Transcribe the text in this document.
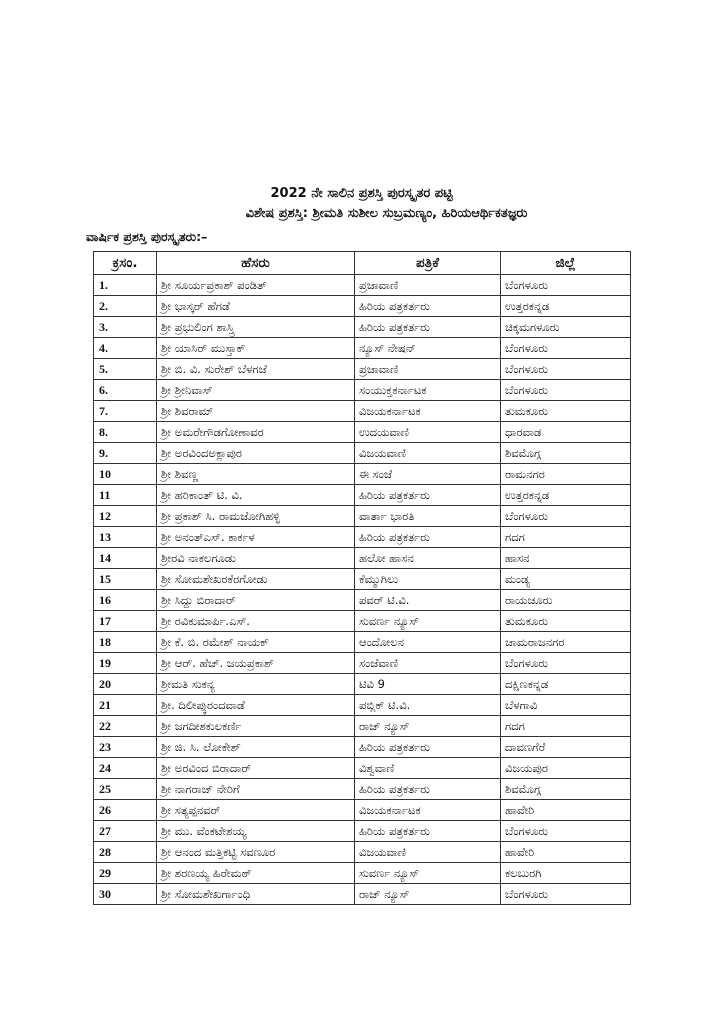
2022 ನೇ ಸಾಲಿನ ಪ್ರಶಸ್ತಿ ಪುರಸ್ಕೃತರ ಪಟ್ಟಿ
ವಿಶೇಷ ಪ್ರಶಸ್ತಿ: ಶ್ರೀಮತಿ ಸುಶೀಲ ಸುಬ್ರಮಣ್ಯಂ, ಹಿರಿಯಆರ್ಥಿಕತಜ್ಞರು
ವಾರ್ಷಿಕ ಪ್ರಶಸ್ತಿ ಪುರಸ್ಕೃತರು:–
ಕ್ರಸಂ.	ಹೆಸರು	ಪತ್ರಿಕೆ	ಜಿಲ್ಲೆ
1.	ಶ್ರೀ ಸೂರ್ಯಪ್ರಕಾಶ್ ಪಂಡಿತ್	ಪ್ರಜಾವಾಣಿ	ಬೆಂಗಳೂರು
2.	ಶ್ರೀ ಭಾಸ್ಕರ್ ಹೆಗಡೆ	ಹಿರಿಯ ಪತ್ರಕರ್ತರು	ಉತ್ತರಕನ್ನಡ
3.	ಶ್ರೀ ಪ್ರಭುಲಿಂಗ ಶಾಸ್ತ್ರಿ	ಹಿರಿಯ ಪತ್ರಕರ್ತರು	ಚಿಕ್ಕಮಗಳೂರು
4.	ಶ್ರೀ ಯಾಸಿರ್ ಮುಸ್ತಾಕ್	ನ್ಯೂಸ್ ನೇಷನ್	ಬೆಂಗಳೂರು
5.	ಶ್ರೀ ಬಿ. ವಿ. ಸುರೇಶ್ ಬೆಳಗಜೆ	ಪ್ರಜಾವಾಣಿ	ಬೆಂಗಳೂರು
6.	ಶ್ರೀ ಶ್ರೀನಿವಾಸ್	ಸಂಯುಕ್ತಕರ್ನಾಟಕ	ಬೆಂಗಳೂರು
7.	ಶ್ರೀ ಶಿವರಾಮ್	ವಿಜಯಕರ್ನಾಟಕ	ತುಮಕೂರು
8.	ಶ್ರೀ ಅಮರೇಗೌಡಗೋಣಾವರ	ಉದಯವಾಣಿ	ಧಾರವಾಡ
9.	ಶ್ರೀ ಅರವಿಂದಅಕ್ಲಾಪುರ	ವಿಜಯವಾಣಿ	ಶಿವಮೊಗ್ಗ
10	ಶ್ರೀ ಶಿವಣ್ಣ	ಈ ಸಂಜೆ	ರಾಮನಗರ
11	ಶ್ರೀ ಹರಿಕಾಂತ್ ಟಿ. ವಿ.	ಹಿರಿಯ ಪತ್ರಕರ್ತರು	ಉತ್ತರಕನ್ನಡ
12	ಶ್ರೀ ಪ್ರಕಾಶ್ ಸಿ. ರಾಮಜೋಗಿಹಳ್ಳಿ	ವಾರ್ತಾ ಭಾರತಿ	ಬೆಂಗಳೂರು
13	ಶ್ರೀ ಅನಂತ್ಎಸ್. ಕಾರ್ಕಳ	ಹಿರಿಯ ಪತ್ರಕರ್ತರು	ಗದಗ
14	ಶ್ರೀರವಿ ನಾಕಲಗೂಡು	ಹಲೋ ಹಾಸನ	ಹಾಸನ
15	ಶ್ರೀ ಸೋಮಶೇಖರಕೆರಗೋಡು	ಕೆಮ್ಮುಗಿಲು	ಮಂಡ್ಯ
16	ಶ್ರೀ ಸಿದ್ದು ಬಿರಾದಾರ್	ಪವರ್ ಟಿ.ವಿ.	ರಾಯಚೂರು
17	ಶ್ರೀ ರವಿಕುಮಾರ್ಪಿ.ಎಸ್.	ಸುವರ್ಣ ನ್ಯೂಸ್	ತುಮಕೂರು
18	ಶ್ರೀ ಕೆ. ಬಿ. ರಮೇಶ್ ನಾಯಕ್	ಆಂದೋಲನ	ಚಾಮರಾಜನಗರ
19	ಶ್ರೀ ಆರ್. ಹೆಚ್. ಜಯಪ್ರಕಾಶ್	ಸಂಜೆವಾಣಿ	ಬೆಂಗಳೂರು
20	ಶ್ರೀಮತಿ ಸುಕನ್ಯ	ಟಿವಿ 9	ದಕ್ಷಿಣಕನ್ನಡ
21	ಶ್ರೀ. ದಿಲೀಪ್ಕುರಂದವಾಡೆ	ಪಬ್ಲಿಕ್ ಟಿ.ವಿ.	ಬೆಳಗಾವಿ
22	ಶ್ರೀ ಜಗದೀಶಕುಲಕರ್ಣಿ	ರಾಜ್ ನ್ಯೂಸ್	ಗದಗ
23	ಶ್ರೀ ಜಿ. ಸಿ. ಲೋಕೇಶ್	ಹಿರಿಯ ಪತ್ರಕರ್ತರು	ದಾವಣಗೆರೆ
24	ಶ್ರೀ ಅರವಿಂದ ಬಿರಾದಾರ್	ವಿಶ್ವವಾಣಿ	ವಿಜಯಪುರ
25	ಶ್ರೀ ನಾಗರಾಜ್ ನೇರಿಗೆ	ಹಿರಿಯ ಪತ್ರಕರ್ತರು	ಶಿವಮೊಗ್ಗ
26	ಶ್ರೀ ಸತ್ಯಪ್ಪನವರ್	ವಿಜಯಕರ್ನಾಟಕ	ಹಾವೇರಿ
27	ಶ್ರೀ ಮು. ವೆಂಕಟೇಶಯ್ಯ	ಹಿರಿಯ ಪತ್ರಕರ್ತರು	ಬೆಂಗಳೂರು
28	ಶ್ರೀ ಆನಂದ ಮತ್ತಿಕಟ್ಟಿ ಸವಣೂರ	ವಿಜಯವಾಣಿ	ಹಾವೇರಿ
29	ಶ್ರೀ ಶರಣಯ್ಯ ಹಿರೇಮಠ್	ಸುವರ್ಣ ನ್ಯೂಸ್	ಕಲಬುರಗಿ
30	ಶ್ರೀ ಸೋಮಶೇಖರ್ಗಾಂಧಿ	ರಾಜ್ ನ್ಯೂಸ್	ಬೆಂಗಳೂರು
